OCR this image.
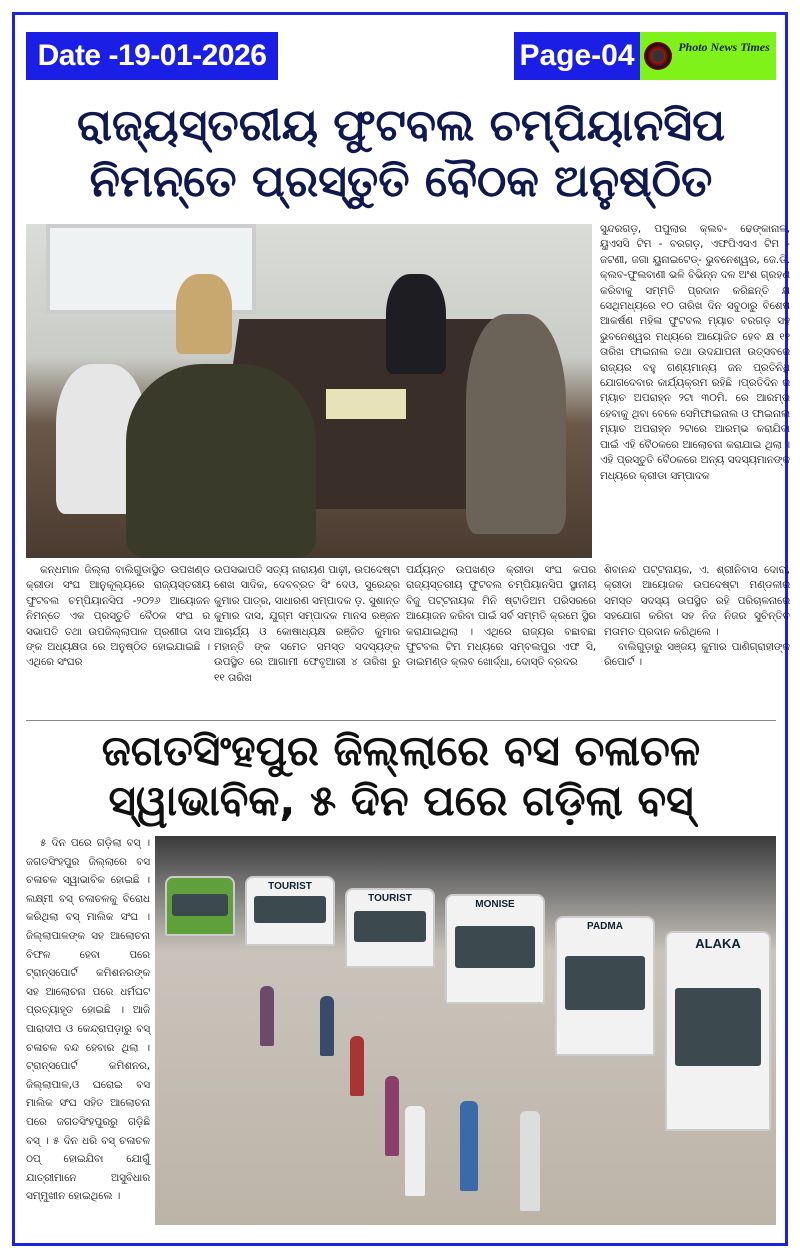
Date -19-01-2026	Page-04	Photo News Times
ରାଜ୍ୟସ୍ତରୀୟ ଫୁଟବଲ ଚମ୍ପିୟାନସିପ
ନିମନ୍ତେ ପ୍ରସ୍ତୁତି ବୈଠକ ଅନୁଷ୍ଠିତ
ସୁନ୍ଦରଗଡ଼, ପପୁଲାର କ୍ଲବ- ଢେଙ୍କାନାଳ, ୟୁଏସସି ଟିମ - ବରଗଡ଼, ଏଫପିଏସଏ ଟିମ - ଜଟଣୀ, ଜଗା ୟୁନାଇଟେଡ୍- ଭୁବନେଶ୍ୱର, ଜେ.ଡି. କ୍ଲବ-ଫୁଲବାଣୀ ଭଳି ବିଭିନ୍ନ ଦଳ ଅଂଶ ଗ୍ରହଣ କରିବାକୁ ସମ୍ମତି ପ୍ରଦାନ କରିଛନ୍ତି କ୍ଷ ସେଥିମଧ୍ୟରେ ୧୦ ତାରିଖ ଦିନ ସବୁଠାରୁ ବିଶେଷ ଆକର୍ଷଣ ମହିଳା ଫୁଟବଲ ମ୍ୟାଚ ବରଗଡ଼ ସହ ଭୁବନେଶ୍ୱର ମଧ୍ୟରେ ଆୟୋଜିତ ହେବ କ୍ଷ ୧୧ ତାରିଖ ଫାଇନାଲ ତଥା ଉଦଯାପନୀ ଉତ୍ସବରେ ରାଜ୍ୟର ବହୁ ଗଣ୍ୟମାନ୍ୟ ଜନ ପ୍ରତିନିଧି ଯୋଗଦେବାର କାର୍ଯ୍ୟକ୍ରମ ରହିଛି ।ପ୍ରତିଦିନ ର ମ୍ୟାଚ ଅପରାହ୍ନ ୨ଟା ୩୦ମି. ରେ ଆରମ୍ଭ ହେବାକୁ ଥିବା ବେଳେ ସେମିଫାଇନାଲ ଓ ଫାଇନାଲ ମ୍ୟାଚ ଅପରାହ୍ନ ୨ଟାରେ ଆରମ୍ଭ କରାଯିବା ପାଇଁ ଏହି ବୈଠକରେ ଆଲୋଚନା କରାଯାଇ ଥିଲା । ଏହି ପ୍ରସ୍ତୁତି ବୈଠକରେ ଅନ୍ୟ ସଦସ୍ୟମାନଙ୍କ ମଧ୍ୟରେ କ୍ରୀଡା ସମ୍ପାଦକ
କନ୍ଧମାଳ ଜିଲ୍ଲା ବାଲିଗୁଡାସ୍ଥିତ ଉପଖଣ୍ଡ କ୍ରୀଡା ସଂଘ ଆନୁକୂଲ୍ୟରେ ରାଜ୍ୟସ୍ତରୀୟ ଫୁଟବଲ ଚମ୍ପିୟାନସିପ -୨୦୨୬ ଆୟୋଜନ ନିମନ୍ତେ ଏକ ପ୍ରସ୍ତୁତି ବୈଠକ ସଂଘ ର ସଭାପତି ତଥା ଉପଜିଲ୍ଲାପାଳ ପ୍ରଣୀତା ଦାସ ଙ୍କ ଅଧ୍ୟକ୍ଷତା ରେ ଅନୁଷ୍ଠିତ ହୋଇଯାଇଛି । ଏଥିରେ ସଂଘର
ଉପସଭାପତି ସତ୍ୟ ନାରାୟଣ ପାଢ଼ୀ, ଉପଦେଷ୍ଟା ଶେଖ ସାଦିକ, ଦେବବ୍ରତ ସିଂ ଦେଓ, ସୁରେନ୍ଦ୍ର କୁମାର ପାତ୍ର, ସାଧାରଣ ସମ୍ପାଦକ ଡ଼. ସୁଶାନ୍ତ କୁମାର ଦାସ, ଯୁଗ୍ମ ସମ୍ପାଦକ ମାନସ ରଞ୍ଜନ ଆଚାର୍ଯ୍ୟ ଓ କୋଷାଧ୍ୟକ୍ଷ ରଞ୍ଜିତ କୁମାର ମହାନ୍ତି ଙ୍କ ସମେତ ସମସ୍ତ ସଦସ୍ୟଙ୍କ ଉପସ୍ଥିତ ରେ ଆଗାମୀ ଫେବୃଆରୀ ୪ ତାରିଖ ରୁ ୧୧ ତାରିଖ
ପର୍ଯ୍ୟନ୍ତ ଉପଖଣ୍ଡ କ୍ରୀଡା ସଂଘ କପର ରାଜ୍ୟସ୍ତରୀୟ ଫୁଟବଲ ଚମ୍ପିୟାନସିପ ସ୍ଥାନୀୟ ବିଜୁ ପଟ୍ଟନାୟକ ମିନି ଷ୍ଟାଡିଅମ ପରିସରରେ ଆୟୋଜନ କରିବା ପାଇଁ ସର୍ବ ସମ୍ମତି କ୍ରମେ ସ୍ଥିର କରାଯାଇଥିଲା । ଏଥିରେ ରାଜ୍ୟର ବଛାବଛା ଫୁଟବଲ ଟିମ ମଧ୍ୟରେ ସମ୍ବଲପୁର ଏଫ ସି, ଡାଇମଣ୍ଡ କ୍ଲବ ଖୋର୍ଦ୍ଧା, ଦୋସ୍ତି ବ୍ରଦର

ଶିବାନନ୍ଦ ପଟ୍ଟନାୟକ, ଏ. ଶ୍ରୀନିବାସ ଦୋରା, କ୍ରୀଡା ଆୟୋଜକ ଉପଦେଷ୍ଟା ମଣ୍ଡଳୀର ସମସ୍ତ ସଦସ୍ୟ ଉପସ୍ଥିତ ରହି ପରିଚାଳନାରେ ସହଯୋଗ କରିବା ସହ ନିଜ ନିଜର ସୁଚିନ୍ତିତ ମତାମତ ପ୍ରଦାନ କରିଥିଲେ ।

ବାଲିଗୁଡ଼ାରୁ ସଞ୍ଜୟ କୁମାର ପାଣିଗ୍ରାହୀଙ୍କ ରିପୋର୍ଟ ।

ଜଗତସିଂହପୁର ଜିଲ୍ଲାରେ ବସ ଚଳାଚଳ
ସ୍ୱାଭାବିକ, ୫ ଦିନ ପରେ ଗଡ଼ିଲା ବସ୍
୫ ଦିନ ପରେ ଗଡ଼ିଲା ବସ୍ । ଜଗତସିଂହପୁର ଜିଲ୍ଲାରେ ବସ ଚଳାଚଳ ସ୍ୱାଭାବିକ ହୋଇଛି । ଲକ୍ଷ୍ମୀ ବସ୍ ଚଳାଚଳକୁ ବିରୋଧ କରିଥିଲା ବସ୍ ମାଲିକ ସଂଘ । ଜିଲ୍ଲାପାଳଙ୍କ ସହ ଆଲୋଚନା ବିଫଳ ହେବା ପରେ ଟ୍ରାନ୍ସପୋର୍ଟ କମିଶନରଙ୍କ ସହ ଆଲୋଚନା ପରେ ଧର୍ମଘଟ ପ୍ରତ୍ୟାହୃତ ହୋଇଛି । ଆଜି ପାରାଦୀପ ଓ କେନ୍ଦ୍ରାପଡ଼ାରୁ ବସ୍ ଚଳାଚଳ ବନ୍ଦ ହେବାର ଥିଲା । ଟ୍ରାନ୍ସପୋର୍ଟ କମିଶନର, ଜିଲ୍ଲାପାଳ,ଓ ଘରୋଇ ବସ ମାଲିକ ସଂଘ ସହିତ ଆଲୋଚନା ପରେ ଜଗତସିଂହପୁରରୁ ଗଡ଼ିଛି ବସ୍ । ୫ ଦିନ ଧରି ବସ୍ ଚଳାଚଳ ଠପ୍ ହୋଇଯିବା ଯୋଗୁଁ ଯାତ୍ରୀମାନେ ଅସୁବିଧାର ସମ୍ମୁଖୀନ ହୋଇଥିଲେ ।
TOURIST
TOURIST
MONISE
PADMA
ALAKA
